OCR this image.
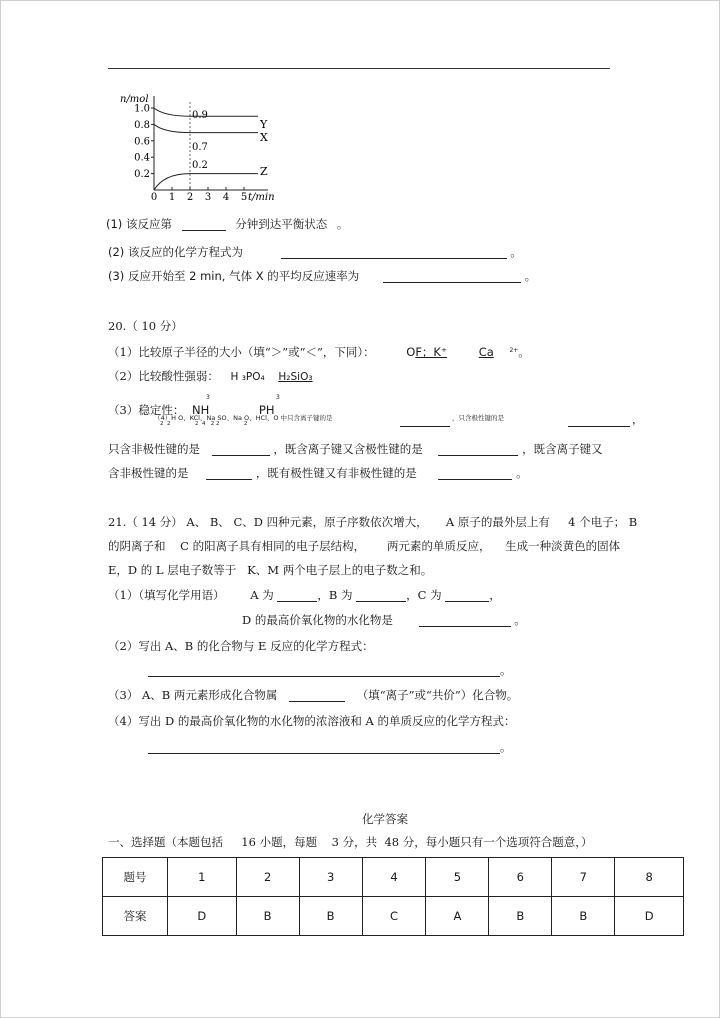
n/mol
t/min
1.0
0.8
0.6
0.4
0.2
0 1 2 3 4 5
0.9
0.7
0.2
Y
X
Z
(1) 该反应第	分钟到达平衡状态 。
(2) 该反应的化学方程式为	。
(3) 反应开始至 2 min, 气体 X 的平均反应速率为	。
20.（ 10 分）
（1）比较原子半径的大小（填“＞”或“＜”，下同）：	OF；K⁺	Ca	$^{2+}$。
（2）比较酸性强弱： H ₃PO₄ H₂SiO₃
3	3
（3）稳定性： NH	PH
（4）H O、KCl、Na SO、Na O、HCl、O 中只含离子键的是
2  2              2  4   2 2              2
，只含极性键的是	，
只含非极性键的是	，既含离子键又含极性键的是	，既含离子键又
含非极性键的是	，既有极性键又有非极性键的是	。
21.（ 14 分） A、 B、 C、D 四种元素，原子序数依次增大，     A 原子的最外层上有     4 个电子； B
的阴离子和    C 的阳离子具有相同的电子层结构，      两元素的单质反应，    生成一种淡黄色的固体
E，D 的 L 层电子数等于   K、M 两个电子层上的电子数之和。
（1）（填写化学用语） A 为	，B 为	，C 为	，
D 的最高价氧化物的水化物是	。
（2）写出 A、B 的化合物与 E 反应的化学方程式：
。
（3） A、B 两元素形成化合物属	（填“离子”或“共价”）化合物。
（4）写出 D 的最高价氧化物的水化物的浓溶液和 A 的单质反应的化学方程式：
。
化学答案
一、选择题（本题包括     16 小题，每题    3 分，共  48 分，每小题只有一个选项符合题意，）
题号	1	2	3	4	5	6	7	8
答案	D	B	B	C	A	B	B	D
